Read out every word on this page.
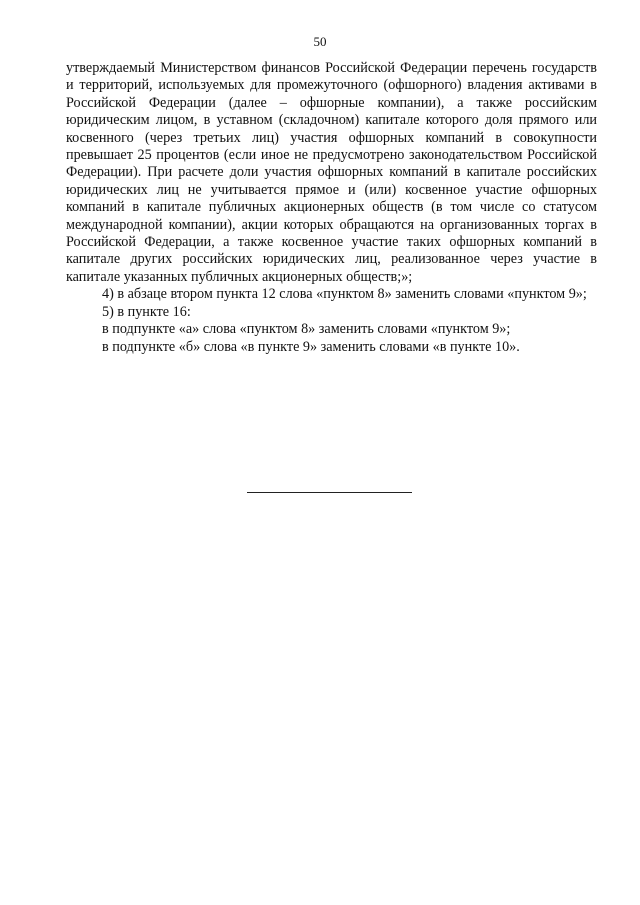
50

утверждаемый Министерством финансов Российской Федерации перечень государств и территорий, используемых для промежуточного (офшорного) владения активами в Российской Федерации (далее – офшорные компании), а также российским юридическим лицом, в уставном (складочном) капитале которого доля прямого или косвенного (через третьих лиц) участия офшорных компаний в совокупности превышает 25 процентов (если иное не предусмотрено законодательством Российской Федерации). При расчете доли участия офшорных компаний в капитале российских юридических лиц не учитывается прямое и (или) косвенное участие офшорных компаний в капитале публичных акционерных обществ (в том числе со статусом международной компании), акции которых обращаются на организованных торгах в Российской Федерации, а также косвенное участие таких офшорных компаний в капитале других российских юридических лиц, реализованное через участие в капитале указанных публичных акционерных обществ;»;

4) в абзаце втором пункта 12 слова «пунктом 8» заменить словами «пунктом 9»;

5) в пункте 16:

в подпункте «а» слова «пунктом 8» заменить словами «пунктом 9»;

в подпункте «б» слова «в пункте 9» заменить словами «в пункте 10».
